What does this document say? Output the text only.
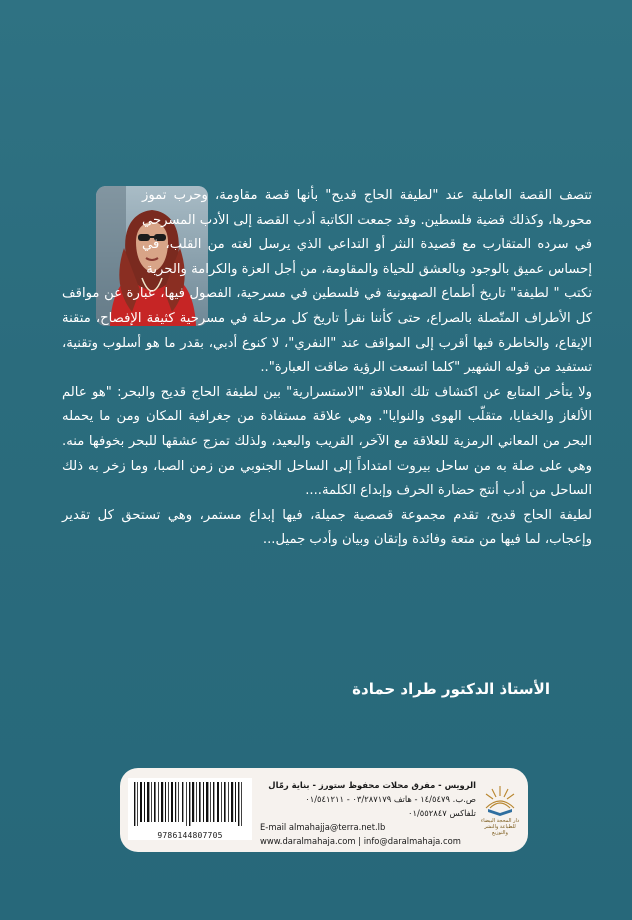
تتصف القصة العاملية عند "لطيفة الحاج قديح" بأنها قصة مقاومة، وحرب تموز محورها، وكذلك قضية فلسطين. وقد جمعت الكاتبة أدب القصة إلى الأدب المسرحي في سرده المتقارب مع قصيدة النثر أو التداعي الذي يرسل لغته من القلب، في إحساس عميق بالوجود وبالعشق للحياة والمقاومة، من أجل العزة والكرامة والحرية

تكتب " لطيفة" تاريخ أطماع الصهيونية في فلسطين في مسرحية، الفصول فيها، عبارة عن مواقف كل الأطراف المتّصلة بالصراع، حتى كأننا نقرأ تاريخ كل مرحلة في مسرحية كثيفة الإفصاح، متقنة الإيقاع، والخاطرة فيها أقرب إلى المواقف عند "النفري"، لا كنوع أدبي، بقدر ما هو أسلوب وتقنية، تستفيد من قوله الشهير "كلما اتسعت الرؤية ضاقت العبارة"..

ولا يتأخر المتابع عن اكتشاف تلك العلاقة "الاستسرارية" بين لطيفة الحاج قديح والبحر: "هو عالم الألغاز والخفايا، متقلّب الهوى والنوايا". وهي علاقة مستفادة من جغرافية المكان ومن ما يحمله البحر من المعاني الرمزية للعلاقة مع الآخر، القريب والبعيد، ولذلك تمزج عشقها للبحر بخوفها منه. وهي على صلة به من ساحل بيروت امتداداً إلى الساحل الجنوبي من زمن الصبا، وما زخر به ذلك الساحل من أدب أنتج حضارة الحرف وإبداع الكلمة....

لطيفة الحاج قديح، تقدم مجموعة قصصية جميلة، فيها إبداع مستمر، وهي تستحق كل تقدير وإعجاب، لما فيها من متعة وفائدة وإتقان وبيان وأدب جميل...

الأستاذ الدكتور طراد حمادة
9786144807705
الرويس - مفرق محلات محفوظ ستورز - بناية رمّال
ص.ب. ١٤/٥٤٧٩ - هاتف ٠٣/٢٨٧١٧٩ - ٠١/٥٤١٢١١
تلفاكس ٠١/٥٥٢٨٤٧
E-mail almahajja@terra.net.lb
www.daralmahaja.com | info@daralmahaja.com
دار المحجة البيضاء
للطباعة والنشر والتوزيع
